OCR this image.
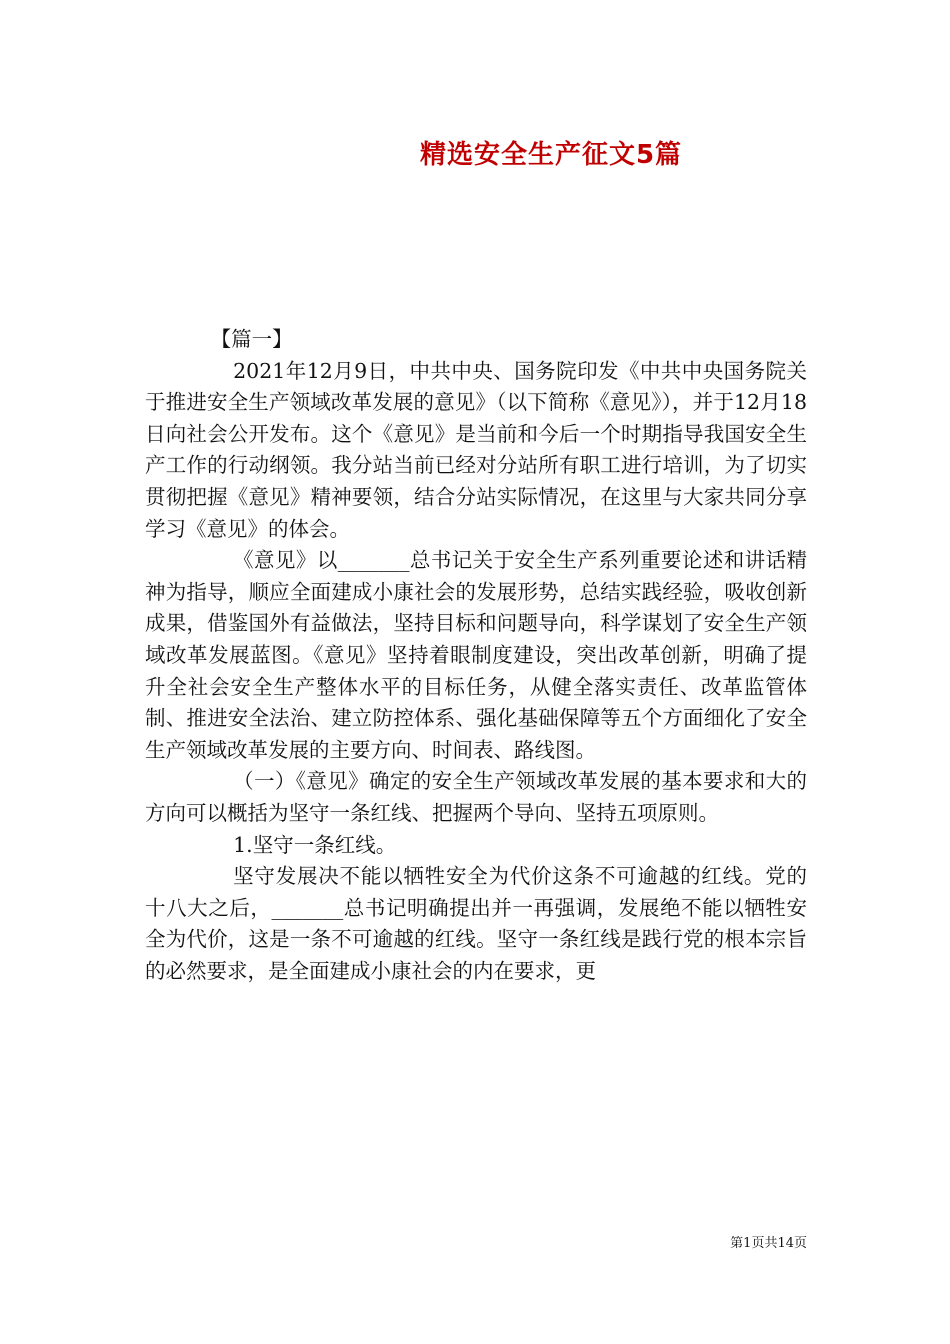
精选安全生产征文5篇

【篇一】

2021年12月9日，中共中央、国务院印发《中共中央国务院关于推进安全生产领域改革发展的意见》（以下简称《意见》），并于12月18日向社会公开发布。这个《意见》是当前和今后一个时期指导我国安全生产工作的行动纲领。我分站当前已经对分站所有职工进行培训，为了切实贯彻把握《意见》精神要领，结合分站实际情况，在这里与大家共同分享学习《意见》的体会。

《意见》以_______总书记关于安全生产系列重要论述和讲话精神为指导，顺应全面建成小康社会的发展形势，总结实践经验，吸收创新成果，借鉴国外有益做法，坚持目标和问题导向，科学谋划了安全生产领域改革发展蓝图。《意见》坚持着眼制度建设，突出改革创新，明确了提升全社会安全生产整体水平的目标任务，从健全落实责任、改革监管体制、推进安全法治、建立防控体系、强化基础保障等五个方面细化了安全生产领域改革发展的主要方向、时间表、路线图。

（一）《意见》确定的安全生产领域改革发展的基本要求和大的方向可以概括为坚守一条红线、把握两个导向、坚持五项原则。

1.坚守一条红线。

坚守发展决不能以牺牲安全为代价这条不可逾越的红线。党的十八大之后，_______总书记明确提出并一再强调，发展绝不能以牺牲安全为代价，这是一条不可逾越的红线。坚守一条红线是践行党的根本宗旨的必然要求，是全面建成小康社会的内在要求，更

第1页共14页
